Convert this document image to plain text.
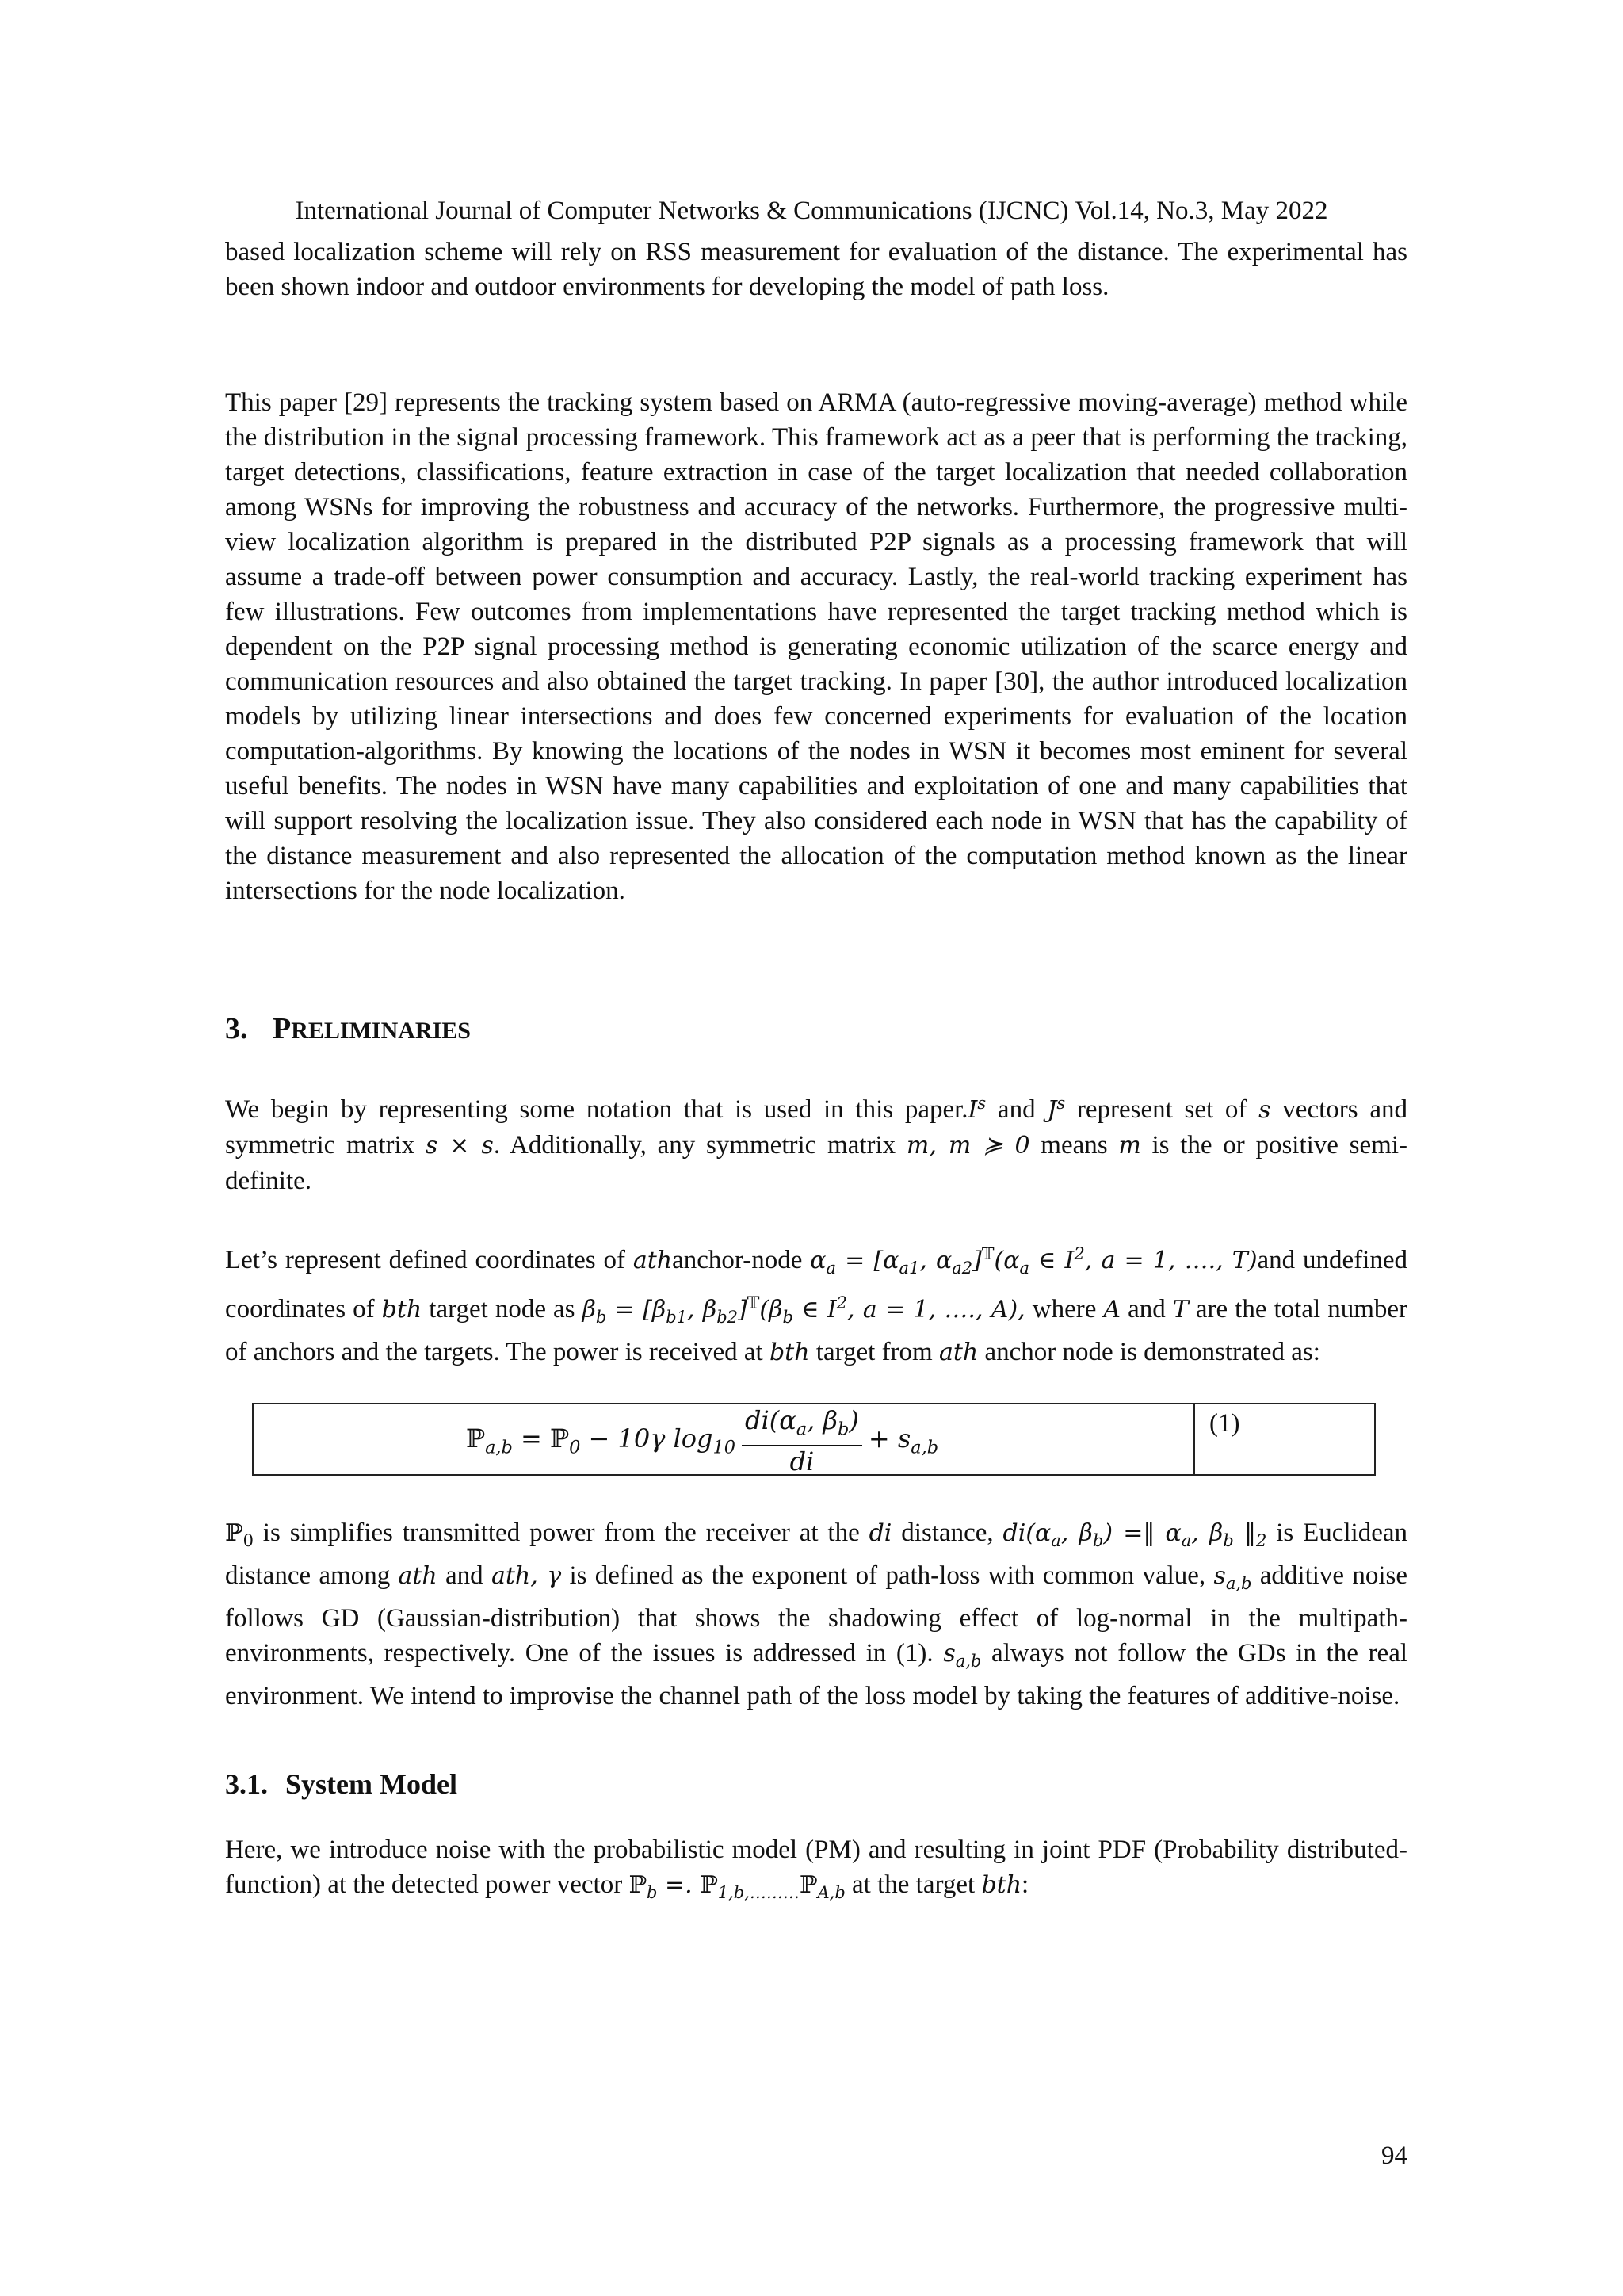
International Journal of Computer Networks & Communications (IJCNC) Vol.14, No.3, May 2022

based localization scheme will rely on RSS measurement for evaluation of the distance. The experimental has been shown indoor and outdoor environments for developing the model of path loss.

This paper [29] represents the tracking system based on ARMA (auto-regressive moving-average) method while the distribution in the signal processing framework. This framework act as a peer that is performing the tracking, target detections, classifications, feature extraction in case of the target localization that needed collaboration among WSNs for improving the robustness and accuracy of the networks. Furthermore, the progressive multi-view localization algorithm is prepared in the distributed P2P signals as a processing framework that will assume a trade-off between power consumption and accuracy. Lastly, the real-world tracking experiment has few illustrations. Few outcomes from implementations have represented the target tracking method which is dependent on the P2P signal processing method is generating economic utilization of the scarce energy and communication resources and also obtained the target tracking. In paper [30], the author introduced localization models by utilizing linear intersections and does few concerned experiments for evaluation of the location computation-algorithms. By knowing the locations of the nodes in WSN it becomes most eminent for several useful benefits. The nodes in WSN have many capabilities and exploitation of one and many capabilities that will support resolving the localization issue. They also considered each node in WSN that has the capability of the distance measurement and also represented the allocation of the computation method known as the linear intersections for the node localization.

3. PRELIMINARIES

We begin by representing some notation that is used in this $paper.I^s$ and $J^s$ represent set of s vectors and symmetric matrix s × s. Additionally, any symmetric matrix m, m ≽ 0 means m is the or positive semi-definite.

Let’s represent defined coordinates of athanchor-node $\alpha_a = [\alpha_{a1}$, $\alpha_{a2}]^𝕋(\alpha_a$ ∈ $I^2$, a = 1, …., T)and undefined coordinates of bth target node as $\beta_b = [\beta_{b1}$, $\beta_{b2}]^𝕋(\beta_b$ ∈ $I^2$, a = 1, …., A), where A and T are the total number of anchors and the targets. The power is received at bth target from ath anchor node is demonstrated as:

ℙ$_{a,b}$ = ℙ$_0$ − 10γ $\log_{10} \frac{di(\alpha_a, \beta_b)}{di} + s_{a,b}$
(1)

ℙ$_0$ is simplifies transmitted power from the receiver at the di distance, $di(\alpha_a$, $\beta_b$) =‖ $\alpha_a$, $\beta_b$ $‖_2$ is Euclidean distance among ath and ath, γ is defined as the exponent of path-loss with common value, $s_{a,b}$ additive noise follows GD (Gaussian-distribution) that shows the shadowing effect of log-normal in the multipath-environments, respectively. One of the issues is addressed in (1). $s_{a,b}$ always not follow the GDs in the real environment. We intend to improvise the channel path of the loss model by taking the features of additive-noise.

3.1. System Model

Here, we introduce noise with the probabilistic model (PM) and resulting in joint PDF (Probability distributed-function) at the detected power vector ℙ$_b$ =. ℙ$_{1,b,\dots\dots\dots}$ℙ$_{A,b}$ at the target bth:

94
